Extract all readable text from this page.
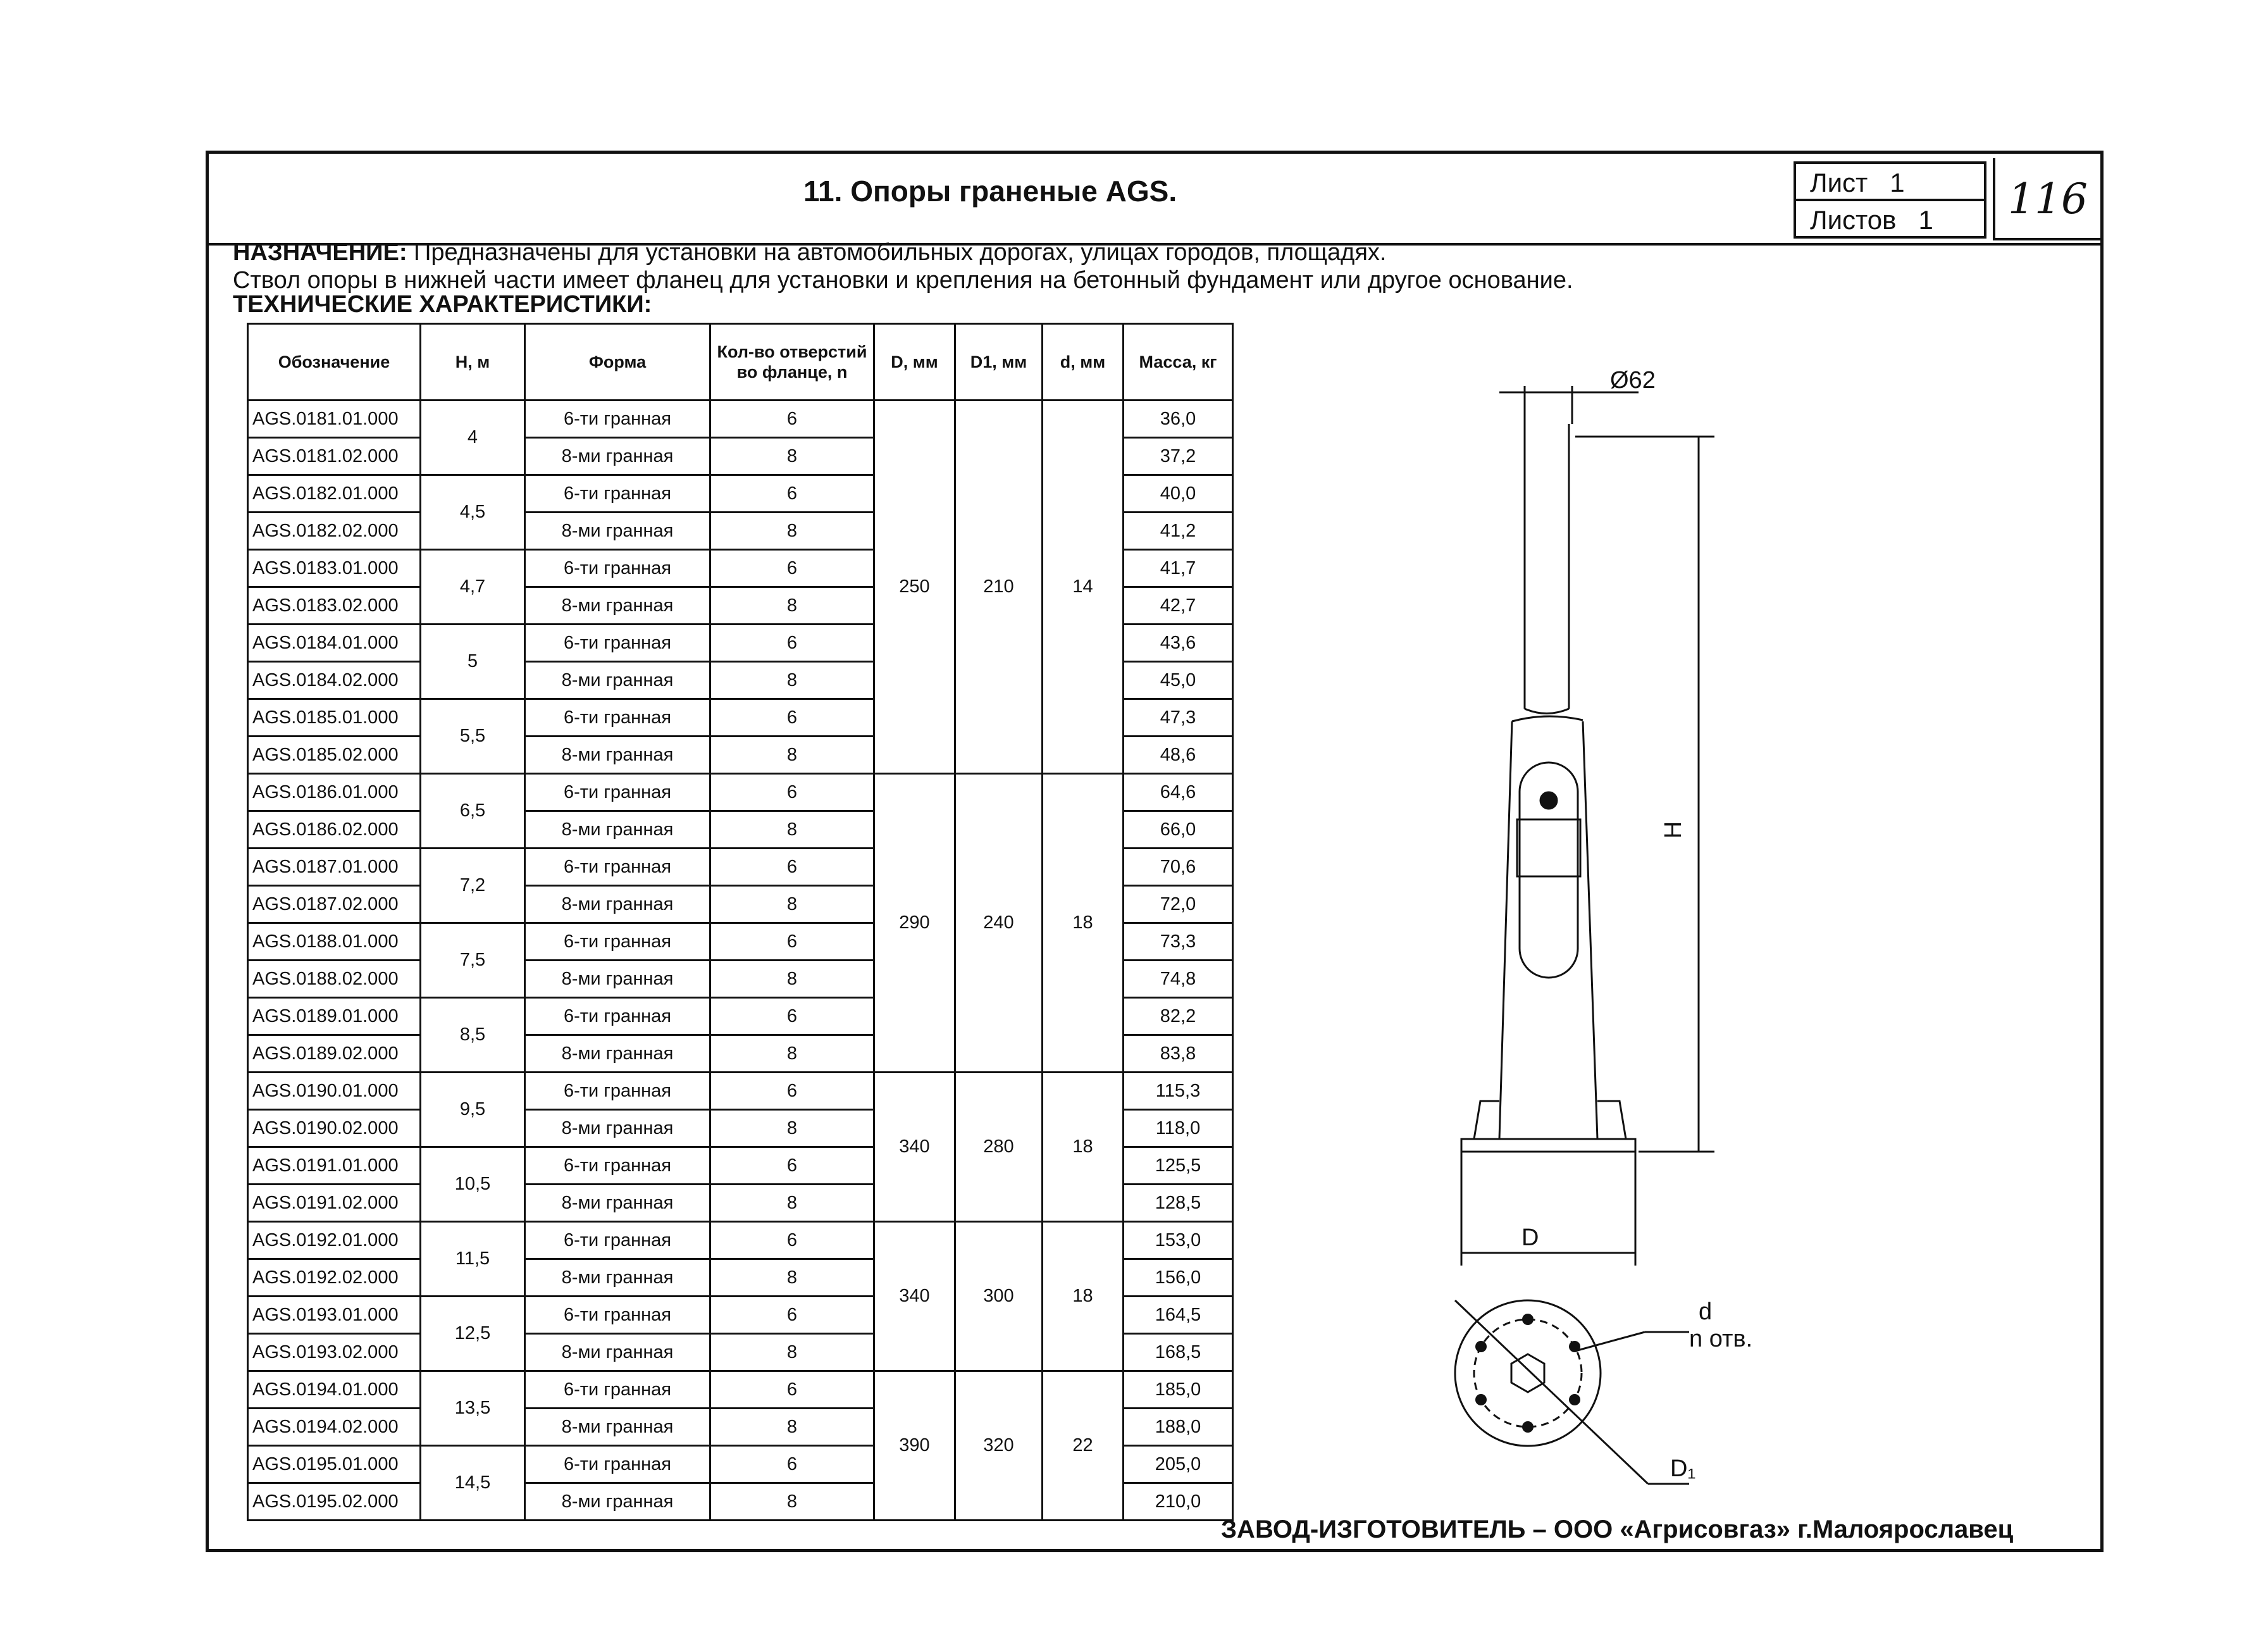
11. Опоры граненые AGS.	Лист 1
Листов 1	116
НАЗНАЧЕНИЕ: Предназначены для установки на автомобильных дорогах, улицах городов, площадях.
Ствол опоры в нижней части имеет фланец для установки и крепления на бетонный фундамент или другое основание.
ТЕХНИЧЕСКИЕ ХАРАКТЕРИСТИКИ:
Обозначение	Н, м	Форма	Кол-во отверстий во фланце, n	D, мм	D1, мм	d, мм	Масса, кг
AGS.0181.01.000	4	6-ти гранная	6	250	210	14	36,0
AGS.0181.02.000		8-ми гранная	8				37,2
AGS.0182.01.000	4,5	6-ти гранная	6				40,0
AGS.0182.02.000		8-ми гранная	8				41,2
AGS.0183.01.000	4,7	6-ти гранная	6				41,7
AGS.0183.02.000		8-ми гранная	8				42,7
AGS.0184.01.000	5	6-ти гранная	6				43,6
AGS.0184.02.000		8-ми гранная	8				45,0
AGS.0185.01.000	5,5	6-ти гранная	6				47,3
AGS.0185.02.000		8-ми гранная	8				48,6
AGS.0186.01.000	6,5	6-ти гранная	6	290	240	18	64,6
AGS.0186.02.000		8-ми гранная	8				66,0
AGS.0187.01.000	7,2	6-ти гранная	6				70,6
AGS.0187.02.000		8-ми гранная	8				72,0
AGS.0188.01.000	7,5	6-ти гранная	6				73,3
AGS.0188.02.000		8-ми гранная	8				74,8
AGS.0189.01.000	8,5	6-ти гранная	6				82,2
AGS.0189.02.000		8-ми гранная	8				83,8
AGS.0190.01.000	9,5	6-ти гранная	6	340	280	18	115,3
AGS.0190.02.000		8-ми гранная	8				118,0
AGS.0191.01.000	10,5	6-ти гранная	6				125,5
AGS.0191.02.000		8-ми гранная	8				128,5
AGS.0192.01.000	11,5	6-ти гранная	6	340	300	18	153,0
AGS.0192.02.000		8-ми гранная	8				156,0
AGS.0193.01.000	12,5	6-ти гранная	6				164,5
AGS.0193.02.000		8-ми гранная	8				168,5
AGS.0194.01.000	13,5	6-ти гранная	6	390	320	22	185,0
AGS.0194.02.000		8-ми гранная	8				188,0
AGS.0195.01.000	14,5	6-ти гранная	6				205,0
AGS.0195.02.000		8-ми гранная	8				210,0
Ø62
H
D
d
n отв.
D₁
ЗАВОД-ИЗГОТОВИТЕЛЬ – ООО «Агрисовгаз» г.Малоярославец
